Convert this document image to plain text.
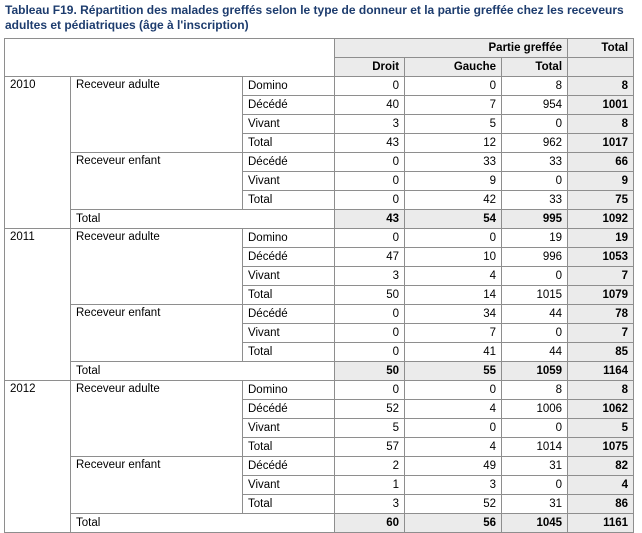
Tableau F19. Répartition des malades greffés selon le type de donneur et la partie greffée chez les receveurs
adultes et pédiatriques (âge à l'inscription)
			Partie greffée			Total
			Droit	Gauche	Total	
2010	Receveur adulte	Domino	0	0	8	8
		Décédé	40	7	954	1001
		Vivant	3	5	0	8
		Total	43	12	962	1017
	Receveur enfant	Décédé	0	33	33	66
		Vivant	0	9	0	9
		Total	0	42	33	75
	Total		43	54	995	1092
2011	Receveur adulte	Domino	0	0	19	19
		Décédé	47	10	996	1053
		Vivant	3	4	0	7
		Total	50	14	1015	1079
	Receveur enfant	Décédé	0	34	44	78
		Vivant	0	7	0	7
		Total	0	41	44	85
	Total		50	55	1059	1164
2012	Receveur adulte	Domino	0	0	8	8
		Décédé	52	4	1006	1062
		Vivant	5	0	0	5
		Total	57	4	1014	1075
	Receveur enfant	Décédé	2	49	31	82
		Vivant	1	3	0	4
		Total	3	52	31	86
	Total		60	56	1045	1161
